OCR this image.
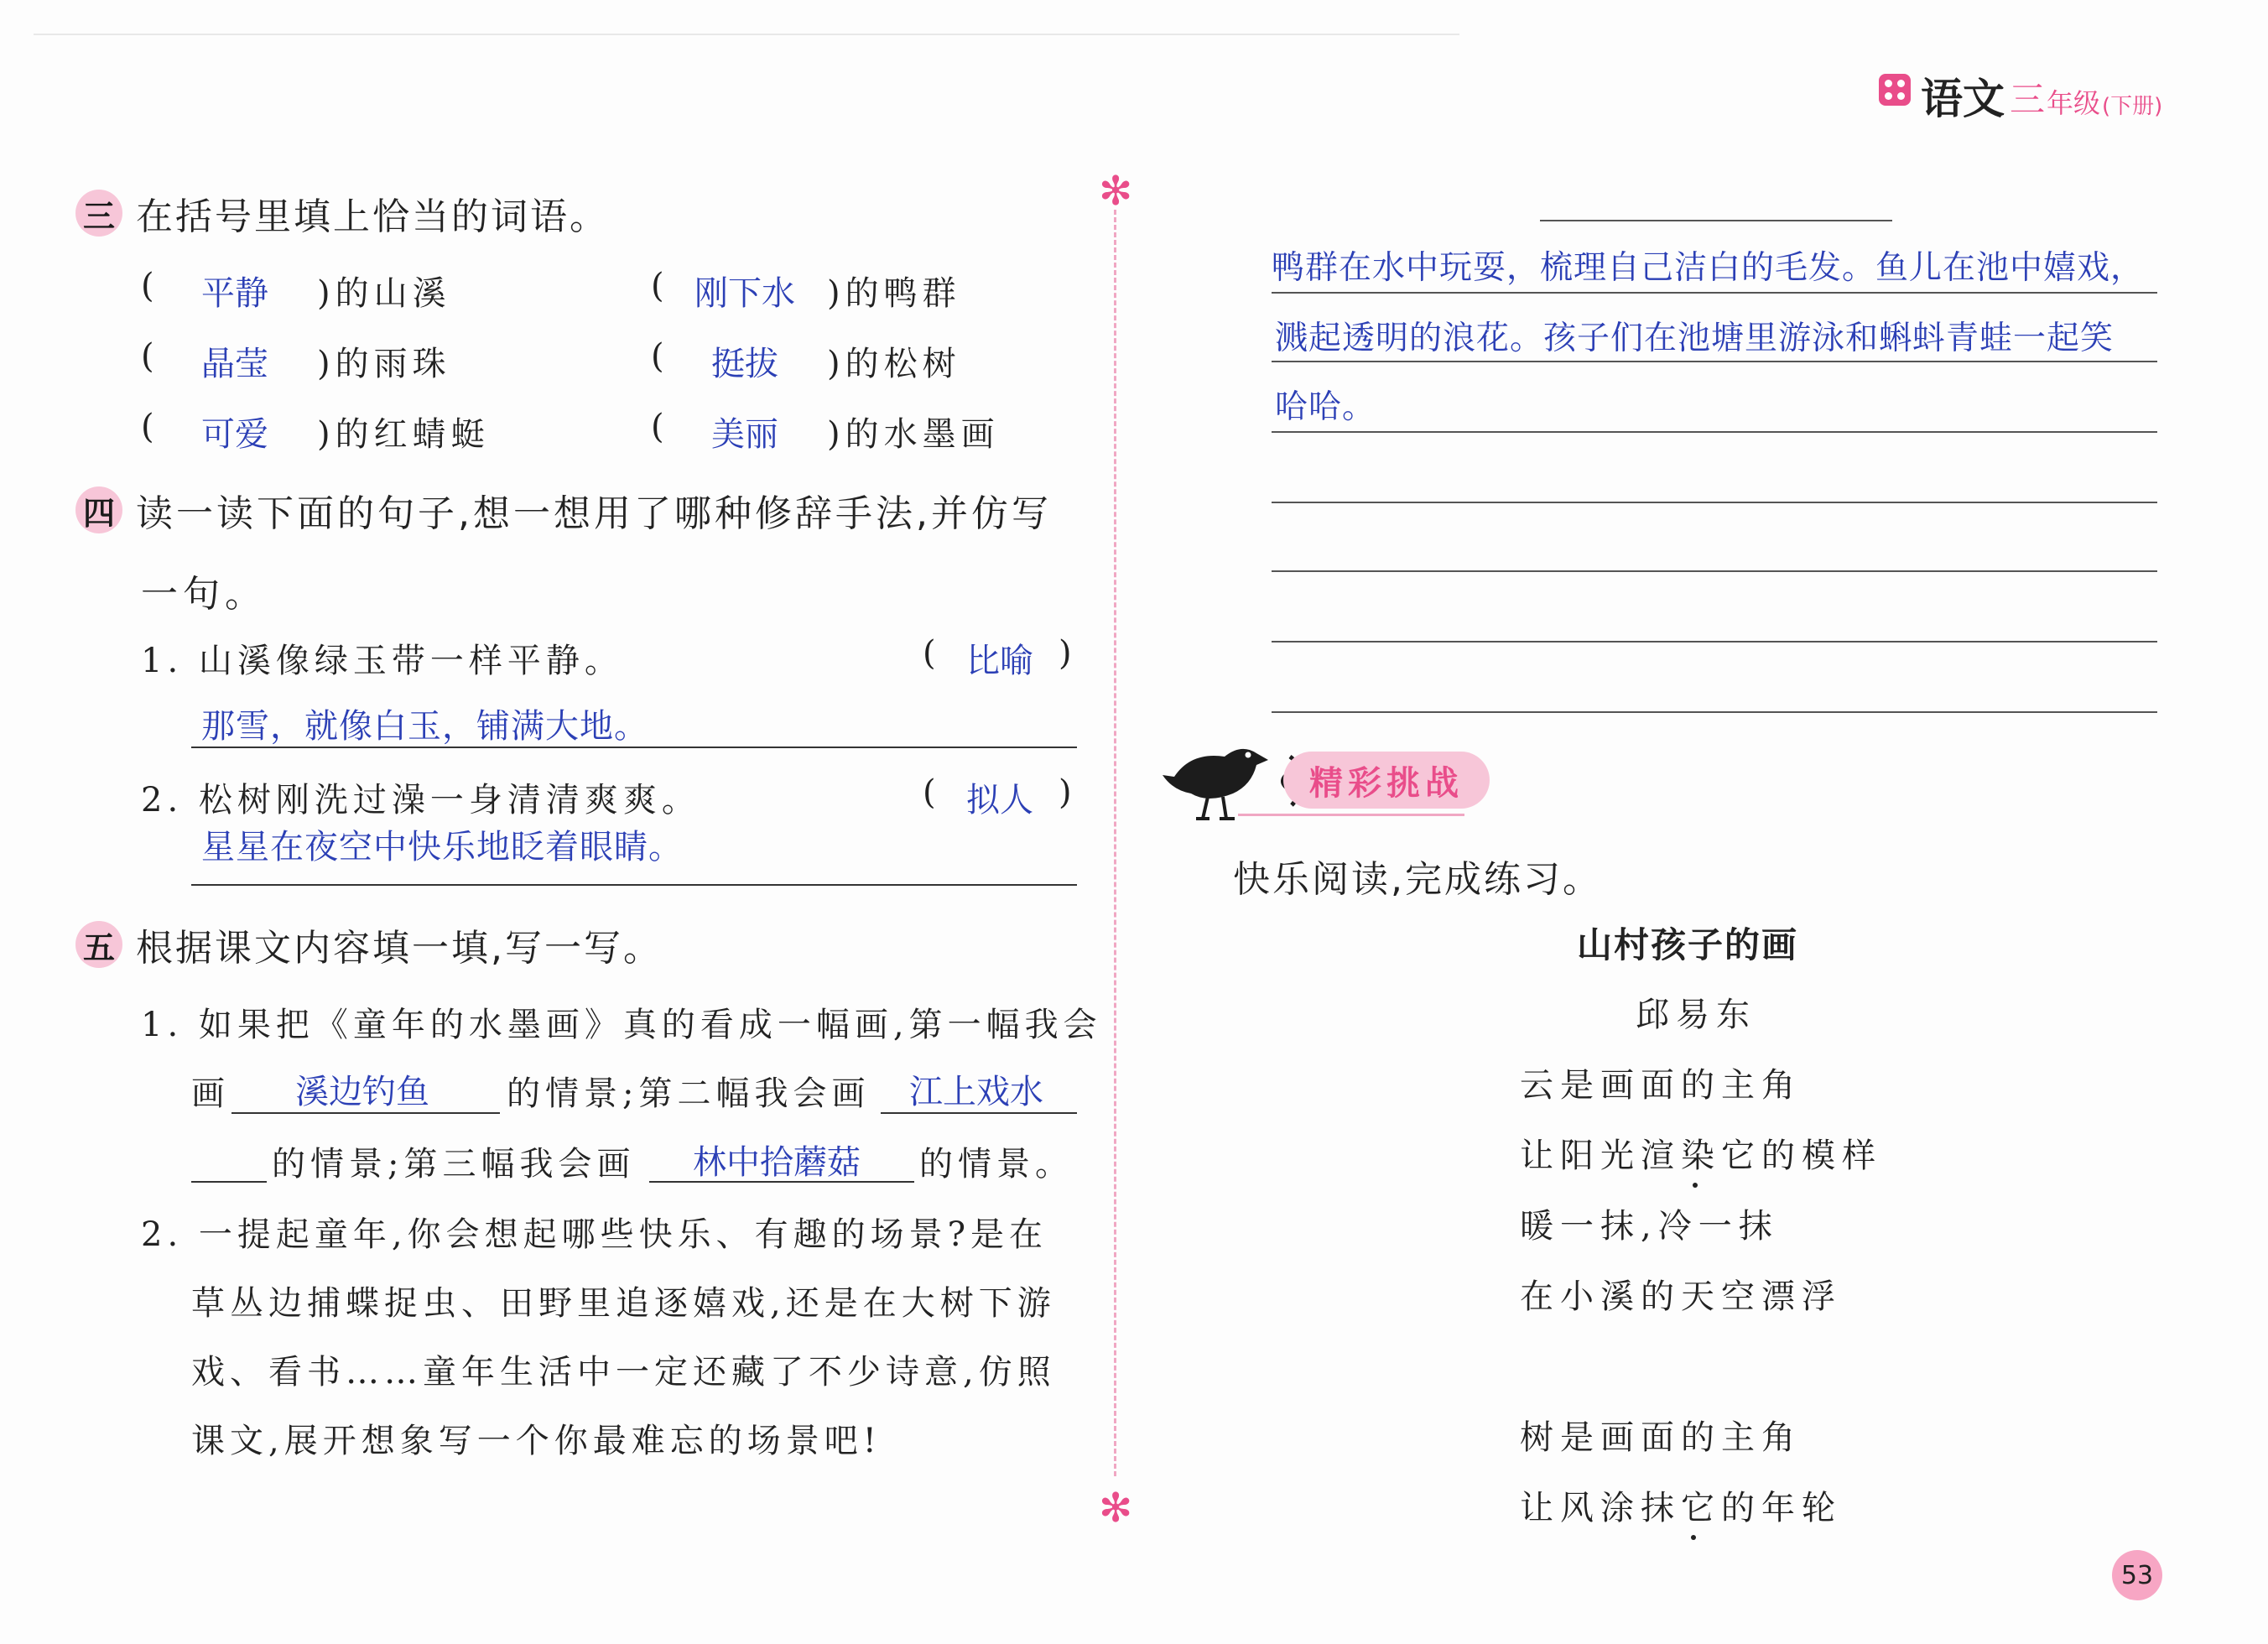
语文 三 年级 (下册)
✻
✻
三 在括号里填上恰当的词语。
( 平静 )的山溪	( 刚下水 )的鸭群
( 晶莹 )的雨珠	( 挺拔 )的松树
( 可爱 )的红蜻蜓	( 美丽 )的水墨画
四 读一读下面的句子,想一想用了哪种修辞手法,并仿写
一句。
1. 山溪像绿玉带一样平静。	( 比喻 )
那雪，就像白玉，铺满大地。
2. 松树刚洗过澡一身清清爽爽。	( 拟人 )
星星在夜空中快乐地眨着眼睛。
五 根据课文内容填一填,写一写。
1. 如果把《童年的水墨画》真的看成一幅画,第一幅我会
画 溪边钓鱼 的情景;第二幅我会画 江上戏水
的情景;第三幅我会画 林中拾蘑菇 的情景。
2. 一提起童年,你会想起哪些快乐、有趣的场景?是在
草丛边捕蝶捉虫、田野里追逐嬉戏,还是在大树下游
戏、看书……童年生活中一定还藏了不少诗意,仿照
课文,展开想象写一个你最难忘的场景吧!
鸭群在水中玩耍，梳理自己洁白的毛发。鱼儿在池中嬉戏，
溅起透明的浪花。孩子们在池塘里游泳和蝌蚪青蛙一起笑
哈哈。
精彩挑战
快乐阅读,完成练习。
山村孩子的画
邱易东
云是画面的主角
让阳光渲染它的模样
暖一抹,冷一抹
在小溪的天空漂浮
树是画面的主角
让风涂抹它的年轮
53
